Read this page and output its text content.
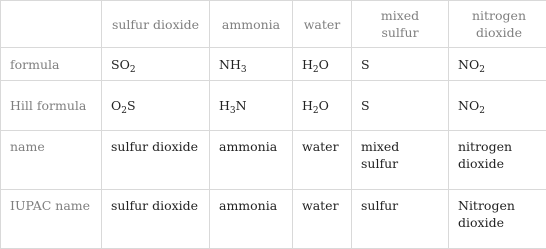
	sulfur dioxide	ammonia	water	mixed sulfur	nitrogen dioxide
formula	$SO_2$	$NH_3$	$H_2O$	S	$NO_2$
Hill formula	$O_2S$	$H_3N$	$H_2O$	S	$NO_2$
name	sulfur dioxide	ammonia	water	mixed sulfur	nitrogen dioxide
IUPAC name	sulfur dioxide	ammonia	water	sulfur	Nitrogen dioxide
